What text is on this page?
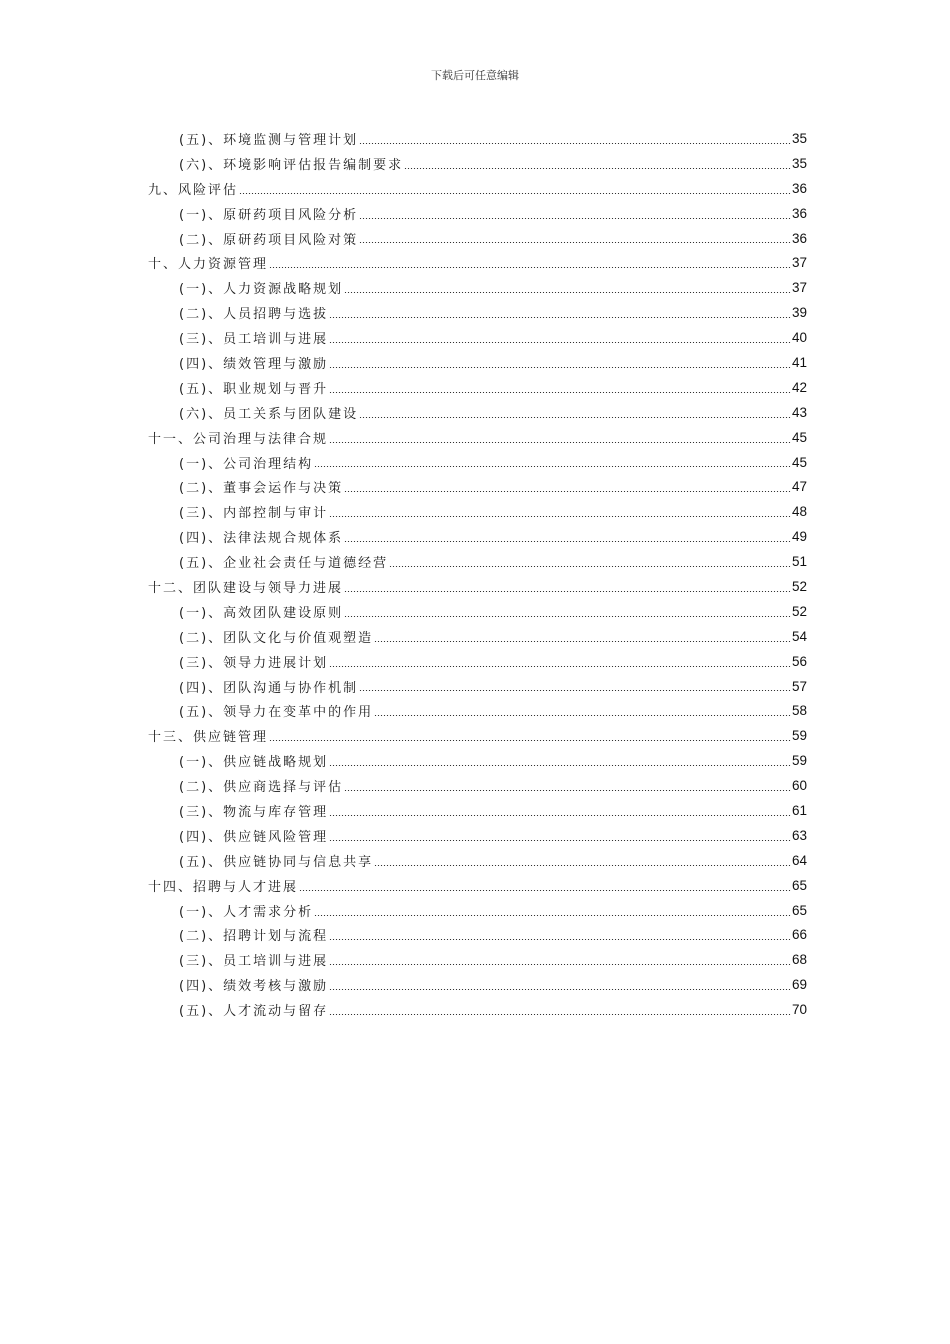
下载后可任意编辑
(五)、环境监测与管理计划	35
(六)、环境影响评估报告编制要求	35
九、风险评估	36
(一)、原研药项目风险分析	36
(二)、原研药项目风险对策	36
十、人力资源管理	37
(一)、人力资源战略规划	37
(二)、人员招聘与选拔	39
(三)、员工培训与进展	40
(四)、绩效管理与激励	41
(五)、职业规划与晋升	42
(六)、员工关系与团队建设	43
十一、公司治理与法律合规	45
(一)、公司治理结构	45
(二)、董事会运作与决策	47
(三)、内部控制与审计	48
(四)、法律法规合规体系	49
(五)、企业社会责任与道德经营	51
十二、团队建设与领导力进展	52
(一)、高效团队建设原则	52
(二)、团队文化与价值观塑造	54
(三)、领导力进展计划	56
(四)、团队沟通与协作机制	57
(五)、领导力在变革中的作用	58
十三、供应链管理	59
(一)、供应链战略规划	59
(二)、供应商选择与评估	60
(三)、物流与库存管理	61
(四)、供应链风险管理	63
(五)、供应链协同与信息共享	64
十四、招聘与人才进展	65
(一)、人才需求分析	65
(二)、招聘计划与流程	66
(三)、员工培训与进展	68
(四)、绩效考核与激励	69
(五)、人才流动与留存	70
